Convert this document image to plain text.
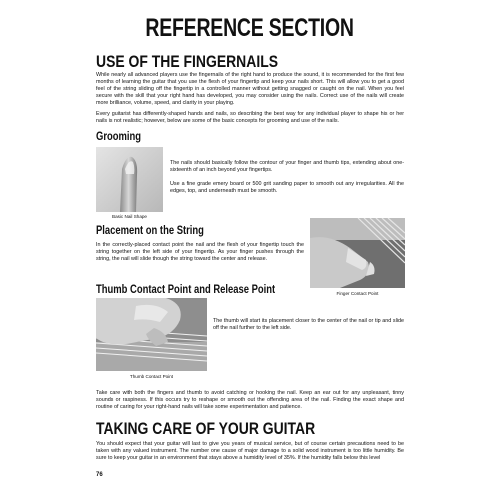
REFERENCE SECTION
USE OF THE FINGERNAILS

While nearly all advanced players use the fingernails of the right hand to produce the sound, it is recommended for the first few months of learning the guitar that you use the flesh of your fingertip and keep your nails short. This will allow you to get a good feel of the string sliding off the fingertip in a controlled manner without getting snagged or caught on the nail. When you feel secure with the skill that your right hand has developed, you may consider using the nails. Correct use of the nails will create more brilliance, volume, speed, and clarity in your playing.

Every guitarist has differently-shaped hands and nails, so describing the best way for any individual player to shape his or her nails is not realistic; however, below are some of the basic concepts for grooming and use of the nails.

Grooming
Basic Nail Shape

The nails should basically follow the contour of your finger and thumb tips, extending about one-sixteenth of an inch beyond your fingertips.

Use a fine grade emery board or 500 grit sanding paper to smooth out any irregularities. All the edges, top, and underneath must be smooth.

Placement on the String

In the correctly-placed contact point the nail and the flesh of your fingertip touch the string together on the left side of your fingertip. As your finger pushes through the string, the nail will slide though the string toward the center and release.

Finger Contact Point
Thumb Contact Point and Release Point
Thumb Contact Point

The thumb will start its placement closer to the center of the nail or tip and slide off the nail further to the left side.

Take care with both the fingers and thumb to avoid catching or hooking the nail. Keep an ear out for any unpleasant, tinny sounds or raspiness. If this occurs try to reshape or smooth out the offending area of the nail. Finding the exact shape and routine of caring for your right-hand nails will take some experimentation and patience.

TAKING CARE OF YOUR GUITAR

You should expect that your guitar will last to give you years of musical service, but of course certain precautions need to be taken with any valued instrument. The number one cause of major damage to a solid wood instrument is too little humidity. Be sure to keep your guitar in an environment that stays above a humidity level of 35%. If the humidity falls below this level

76
